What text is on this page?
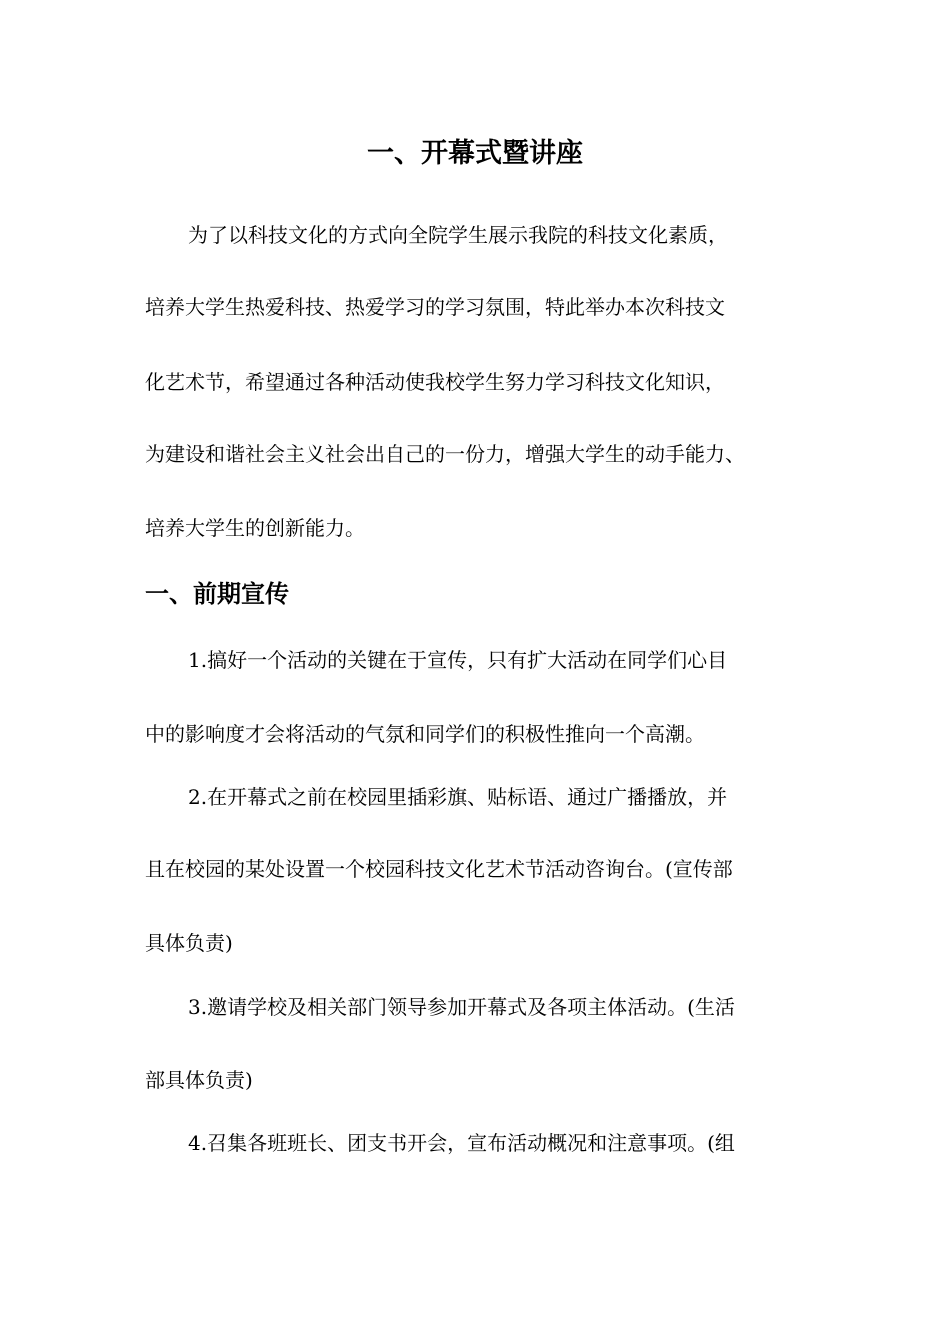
一、开幕式暨讲座

为了以科技文化的方式向全院学生展示我院的科技文化素质，

培养大学生热爱科技、热爱学习的学习氛围，特此举办本次科技文

化艺术节，希望通过各种活动使我校学生努力学习科技文化知识，

为建设和谐社会主义社会出自己的一份力，增强大学生的动手能力、

培养大学生的创新能力。

一、前期宣传

1.搞好一个活动的关键在于宣传，只有扩大活动在同学们心目

中的影响度才会将活动的气氛和同学们的积极性推向一个高潮。

2.在开幕式之前在校园里插彩旗、贴标语、通过广播播放，并

且在校园的某处设置一个校园科技文化艺术节活动咨询台。(宣传部

具体负责)

3.邀请学校及相关部门领导参加开幕式及各项主体活动。(生活

部具体负责)

4.召集各班班长、团支书开会，宣布活动概况和注意事项。(组
